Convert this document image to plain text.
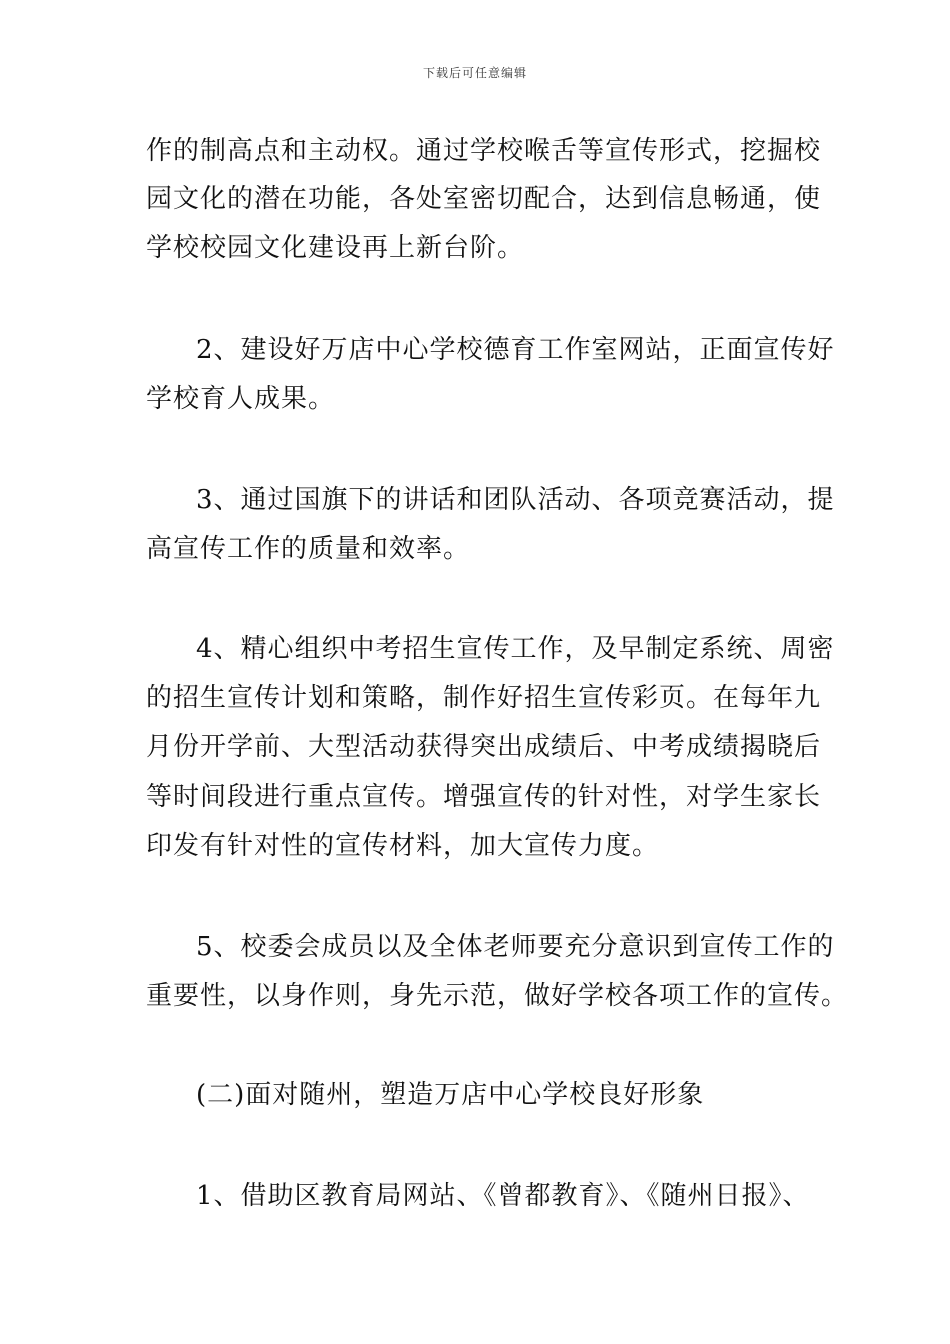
下载后可任意编辑
作的制高点和主动权。通过学校喉舌等宣传形式，挖掘校
园文化的潜在功能，各处室密切配合，达到信息畅通，使
学校校园文化建设再上新台阶。
2、建设好万店中心学校德育工作室网站，正面宣传好
学校育人成果。
3、通过国旗下的讲话和团队活动、各项竞赛活动，提
高宣传工作的质量和效率。
4、精心组织中考招生宣传工作，及早制定系统、周密
的招生宣传计划和策略，制作好招生宣传彩页。在每年九
月份开学前、大型活动获得突出成绩后、中考成绩揭晓后
等时间段进行重点宣传。增强宣传的针对性，对学生家长
印发有针对性的宣传材料，加大宣传力度。
5、校委会成员以及全体老师要充分意识到宣传工作的
重要性，以身作则，身先示范，做好学校各项工作的宣传。
(二)面对随州，塑造万店中心学校良好形象
1、借助区教育局网站、《曾都教育》、《随州日报》、
